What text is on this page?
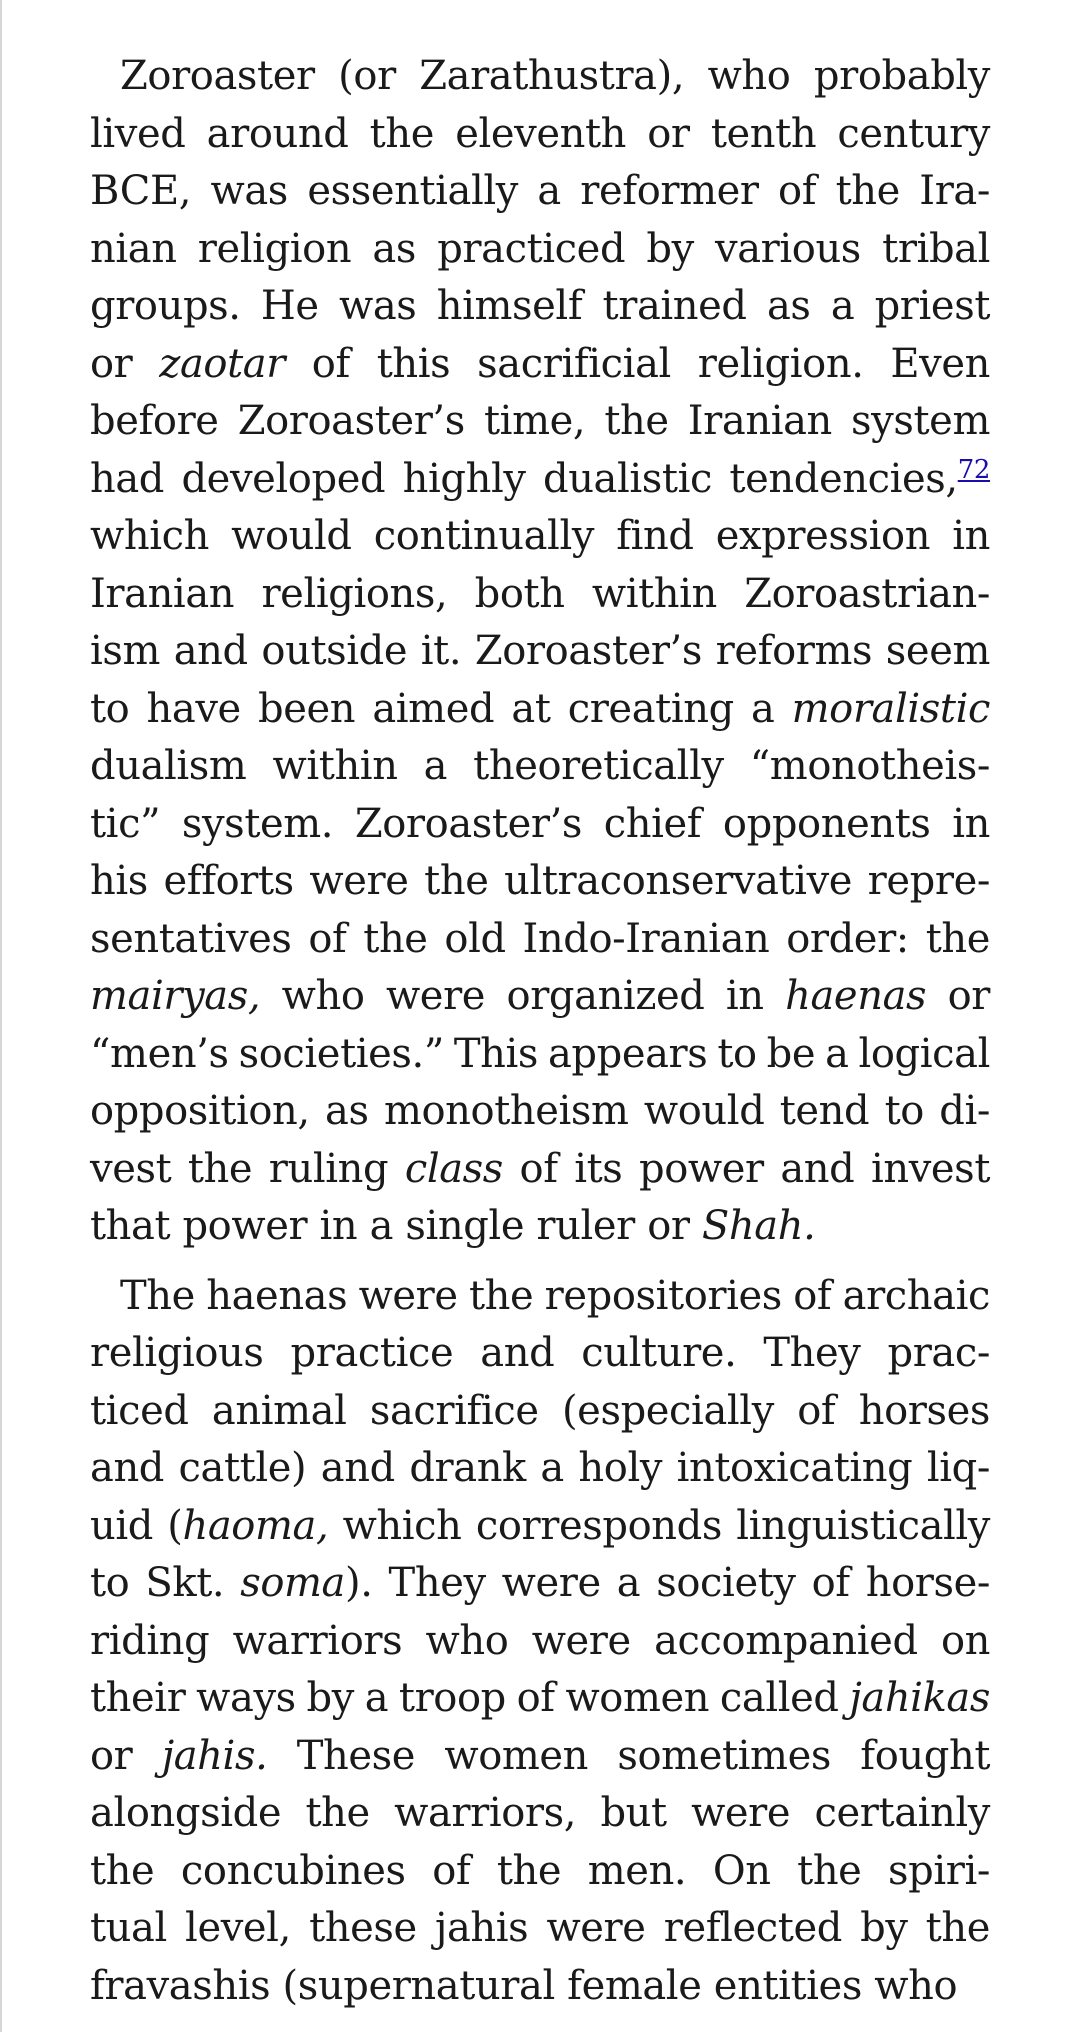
Zoroaster (or Zarathustra), who probably
lived around the eleventh or tenth century
BCE, was essentially a reformer of the Ira-
nian religion as practiced by various tribal
groups. He was himself trained as a priest
or zaotar of this sacrificial religion. Even
before Zoroaster’s time, the Iranian system
had developed highly dualistic tendencies,$^{72}$
which would continually find expression in
Iranian religions, both within Zoroastrian-
ism and outside it. Zoroaster’s reforms seem
to have been aimed at creating a moralistic
dualism within a theoretically “monotheis-
tic” system. Zoroaster’s chief opponents in
his efforts were the ultraconservative repre-
sentatives of the old Indo-Iranian order: the
mairyas, who were organized in haenas or
“men’s societies.” This appears to be a logical
opposition, as monotheism would tend to di-
vest the ruling class of its power and invest
that power in a single ruler or Shah.
The haenas were the repositories of archaic
religious practice and culture. They prac-
ticed animal sacrifice (especially of horses
and cattle) and drank a holy intoxicating liq-
uid (haoma, which corresponds linguistically
to Skt. soma). They were a society of horse-
riding warriors who were accompanied on
their ways by a troop of women called jahikas
or jahis. These women sometimes fought
alongside the warriors, but were certainly
the concubines of the men. On the spiri-
tual level, these jahis were reflected by the
fravashis (supernatural female entities who
